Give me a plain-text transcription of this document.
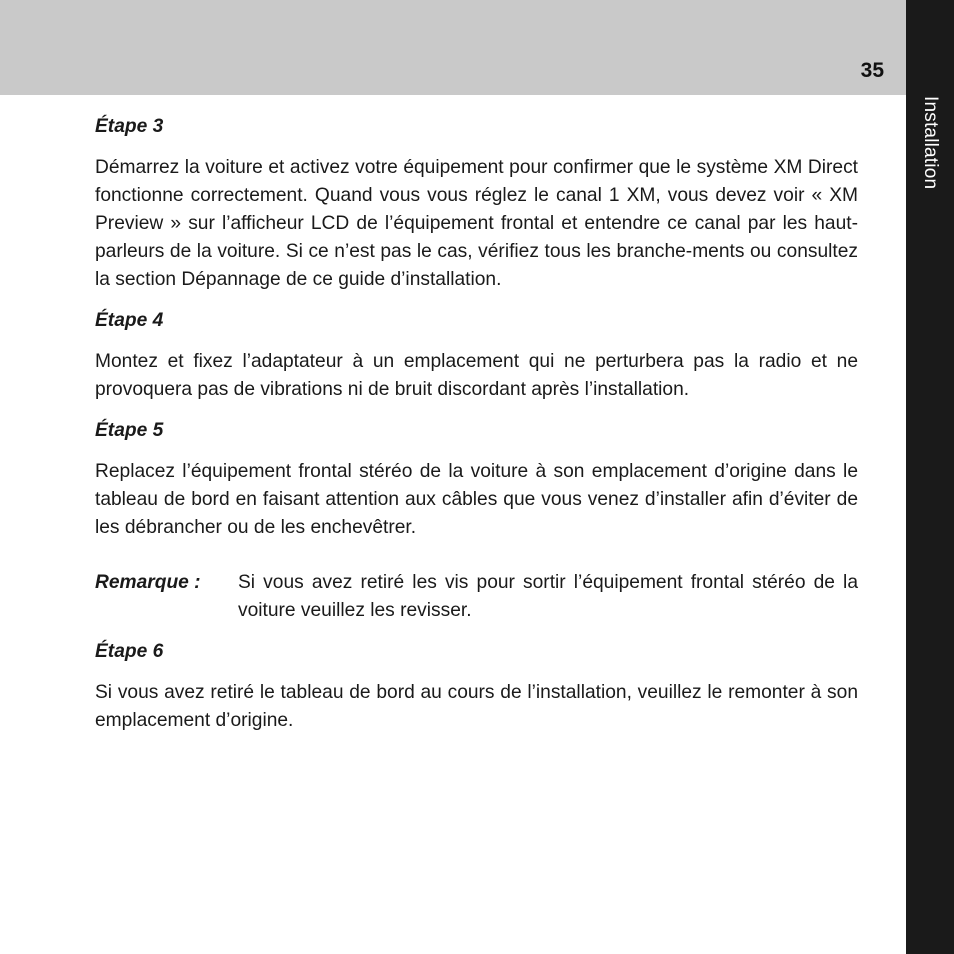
35
Installation
Étape 3

Démarrez la voiture et activez votre équipement pour confirmer que le système XM Direct fonctionne correctement. Quand vous vous réglez le canal 1 XM, vous devez voir « XM Preview » sur l’afficheur LCD de l’équipement frontal et entendre ce canal par les haut-parleurs de la voiture. Si ce n’est pas le cas, vérifiez tous les branche-ments ou consultez la section Dépannage de ce guide d’installation.

Étape 4

Montez et fixez l’adaptateur à un emplacement qui ne perturbera pas la radio et ne provoquera pas de vibrations ni de bruit discordant après l’installation.

Étape 5

Replacez l’équipement frontal stéréo de la voiture à son emplacement d’origine dans le tableau de bord en faisant attention aux câbles que vous venez d’installer afin d’éviter de les débrancher ou de les enchevêtrer.

Remarque :	Si vous avez retiré les vis pour sortir l’équipement frontal stéréo de la voiture veuillez les revisser.
Étape 6

Si vous avez retiré le tableau de bord au cours de l’installation, veuillez le remonter à son emplacement d’origine.
